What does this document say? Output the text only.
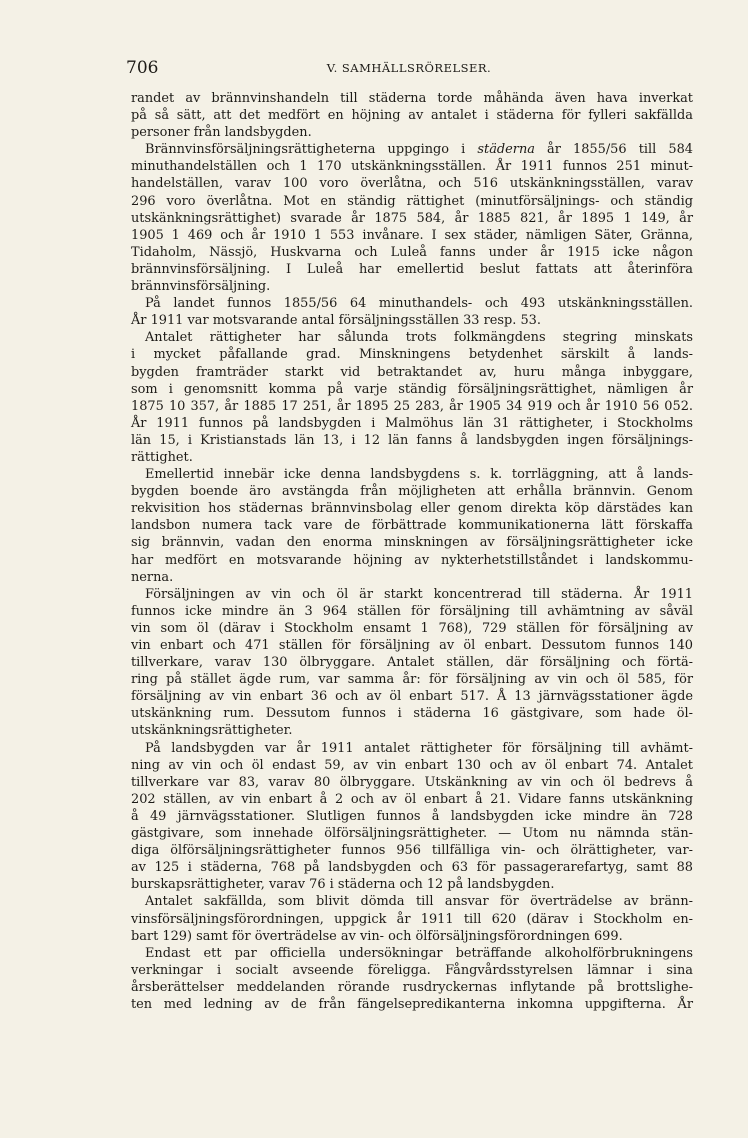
706	V. SAMHÄLLSRÖRELSER.

randet av brännvinshandeln till städerna torde måhända även hava inverkat

på så sätt, att det medfört en höjning av antalet i städerna för fylleri sakfällda

personer från landsbygden.

Brännvinsförsäljningsrättigheterna uppgingo i städerna år 1855/56 till 584

minuthandelställen och 1 170 utskänkningsställen. År 1911 funnos 251 minut-

handelställen, varav 100 voro överlåtna, och 516 utskänkningsställen, varav

296 voro överlåtna. Mot en ständig rättighet (minutförsäljnings- och ständig

utskänkningsrättighet) svarade år 1875 584, år 1885 821, år 1895 1 149, år

1905 1 469 och år 1910 1 553 invånare. I sex städer, nämligen Säter, Gränna,

Tidaholm, Nässjö, Huskvarna och Luleå fanns under år 1915 icke någon

brännvinsförsäljning. I Luleå har emellertid beslut fattats att återinföra

brännvinsförsäljning.

På landet funnos 1855/56 64 minuthandels- och 493 utskänkningsställen.

År 1911 var motsvarande antal försäljningsställen 33 resp. 53.

Antalet rättigheter har sålunda trots folkmängdens stegring minskats

i mycket påfallande grad. Minskningens betydenhet särskilt å lands-

bygden framträder starkt vid betraktandet av, huru många inbyggare,

som i genomsnitt komma på varje ständig försäljningsrättighet, nämligen år

1875 10 357, år 1885 17 251, år 1895 25 283, år 1905 34 919 och år 1910 56 052.

År 1911 funnos på landsbygden i Malmöhus län 31 rättigheter, i Stockholms

län 15, i Kristianstads län 13, i 12 län fanns å landsbygden ingen försäljnings-

rättighet.

Emellertid innebär icke denna landsbygdens s. k. torrläggning, att å lands-

bygden boende äro avstängda från möjligheten att erhålla brännvin. Genom

rekvisition hos städernas brännvinsbolag eller genom direkta köp därstädes kan

landsbon numera tack vare de förbättrade kommunikationerna lätt förskaffa

sig brännvin, vadan den enorma minskningen av försäljningsrättigheter icke

har medfört en motsvarande höjning av nykterhetstillståndet i landskommu-

nerna.

Försäljningen av vin och öl är starkt koncentrerad till städerna. År 1911

funnos icke mindre än 3 964 ställen för försäljning till avhämtning av såväl

vin som öl (därav i Stockholm ensamt 1 768), 729 ställen för försäljning av

vin enbart och 471 ställen för försäljning av öl enbart. Dessutom funnos 140

tillverkare, varav 130 ölbryggare. Antalet ställen, där försäljning och förtä-

ring på stället ägde rum, var samma år: för försäljning av vin och öl 585, för

försäljning av vin enbart 36 och av öl enbart 517. Å 13 järnvägsstationer ägde

utskänkning rum. Dessutom funnos i städerna 16 gästgivare, som hade öl-

utskänkningsrättigheter.

På landsbygden var år 1911 antalet rättigheter för försäljning till avhämt-

ning av vin och öl endast 59, av vin enbart 130 och av öl enbart 74. Antalet

tillverkare var 83, varav 80 ölbryggare. Utskänkning av vin och öl bedrevs å

202 ställen, av vin enbart å 2 och av öl enbart å 21. Vidare fanns utskänkning

å 49 järnvägsstationer. Slutligen funnos å landsbygden icke mindre än 728

gästgivare, som innehade ölförsäljningsrättigheter. — Utom nu nämnda stän-

diga ölförsäljningsrättigheter funnos 956 tillfälliga vin- och ölrättigheter, var-

av 125 i städerna, 768 på landsbygden och 63 för passagerarefartyg, samt 88

burskapsrättigheter, varav 76 i städerna och 12 på landsbygden.

Antalet sakfällda, som blivit dömda till ansvar för överträdelse av bränn-

vinsförsäljningsförordningen, uppgick år 1911 till 620 (därav i Stockholm en-

bart 129) samt för överträdelse av vin- och ölförsäljningsförordningen 699.

Endast ett par officiella undersökningar beträffande alkoholförbrukningens

verkningar i socialt avseende föreligga. Fångvårdsstyrelsen lämnar i sina

årsberättelser meddelanden rörande rusdryckernas inflytande på brottslighe-

ten med ledning av de från fängelsepredikanterna inkomna uppgifterna. År
